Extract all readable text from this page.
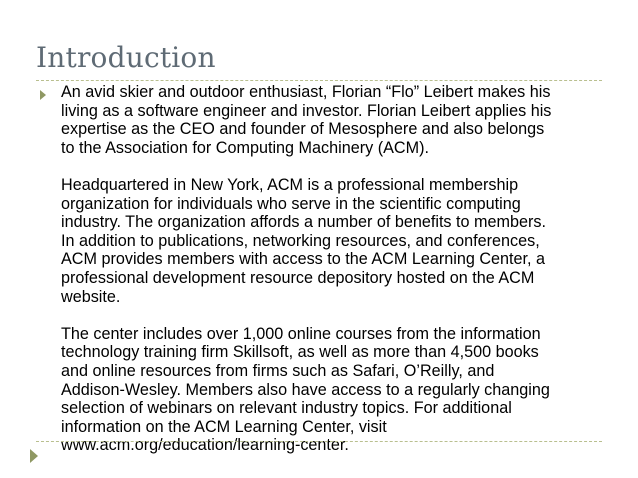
Introduction

An avid skier and outdoor enthusiast, Florian “Flo” Leibert makes his
living as a software engineer and investor. Florian Leibert applies his
expertise as the CEO and founder of Mesosphere and also belongs
to the Association for Computing Machinery (ACM).

Headquartered in New York, ACM is a professional membership
organization for individuals who serve in the scientific computing
industry. The organization affords a number of benefits to members.
In addition to publications, networking resources, and conferences,
ACM provides members with access to the ACM Learning Center, a
professional development resource depository hosted on the ACM
website.

The center includes over 1,000 online courses from the information
technology training firm Skillsoft, as well as more than 4,500 books
and online resources from firms such as Safari, O’Reilly, and
Addison-Wesley. Members also have access to a regularly changing
selection of webinars on relevant industry topics. For additional
information on the ACM Learning Center, visit
www.acm.org/education/learning-center.
